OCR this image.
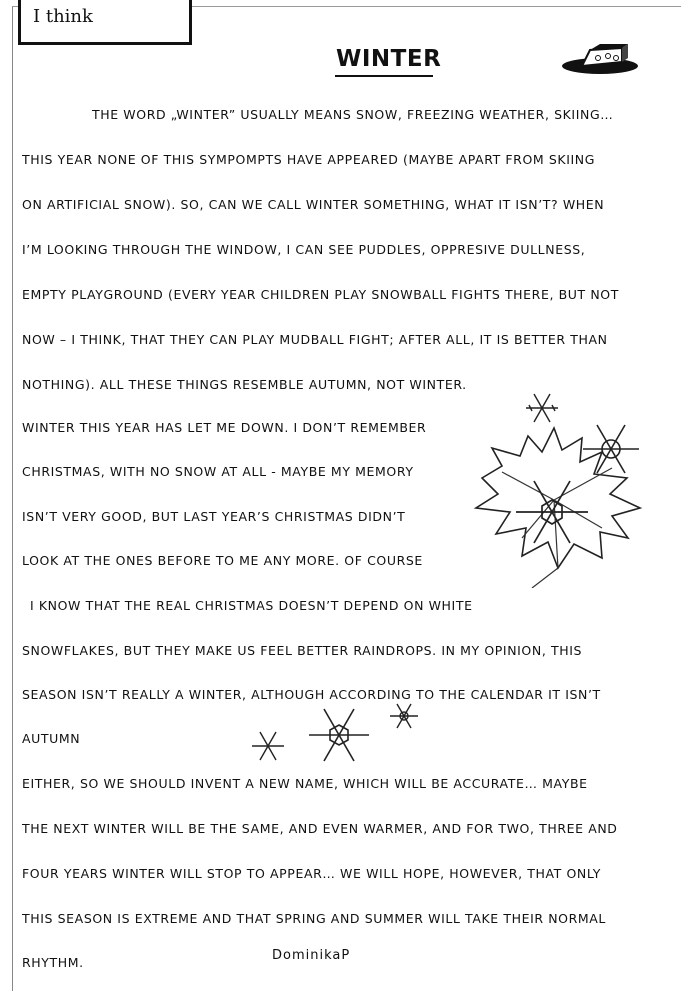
I think
WINTER
THE WORD „WINTER” USUALLY MEANS SNOW, FREEZING WEATHER, SKIING…
THIS YEAR NONE OF THIS SYMPOMPTS HAVE APPEARED (MAYBE APART FROM SKIING
ON ARTIFICIAL SNOW). SO, CAN WE CALL WINTER SOMETHING, WHAT IT ISN’T? WHEN
I’M LOOKING THROUGH THE WINDOW, I CAN SEE PUDDLES, OPPRESIVE DULLNESS,
EMPTY PLAYGROUND (EVERY YEAR CHILDREN PLAY SNOWBALL FIGHTS THERE, BUT NOT
NOW – I THINK, THAT THEY CAN PLAY MUDBALL FIGHT; AFTER ALL, IT IS BETTER THAN
NOTHING). ALL THESE THINGS RESEMBLE AUTUMN, NOT WINTER.
WINTER THIS YEAR HAS LET ME DOWN. I DON’T REMEMBER
CHRISTMAS, WITH NO SNOW AT ALL - MAYBE MY MEMORY
ISN’T VERY GOOD, BUT LAST YEAR’S CHRISTMAS DIDN’T
LOOK AT THE ONES BEFORE TO ME ANY MORE. OF COURSE
I KNOW THAT THE REAL CHRISTMAS DOESN’T DEPEND ON WHITE
SNOWFLAKES, BUT THEY MAKE US FEEL BETTER RAINDROPS. IN MY OPINION, THIS
SEASON ISN’T REALLY A WINTER, ALTHOUGH ACCORDING TO THE CALENDAR IT ISN’T
AUTUMN
EITHER, SO WE SHOULD INVENT A NEW NAME, WHICH WILL BE ACCURATE… MAYBE
THE NEXT WINTER WILL BE THE SAME, AND EVEN WARMER, AND FOR TWO, THREE AND
FOUR YEARS WINTER WILL STOP TO APPEAR… WE WILL HOPE, HOWEVER, THAT ONLY
THIS SEASON IS EXTREME AND THAT SPRING AND SUMMER WILL TAKE THEIR NORMAL
RHYTHM.	DominikaP
